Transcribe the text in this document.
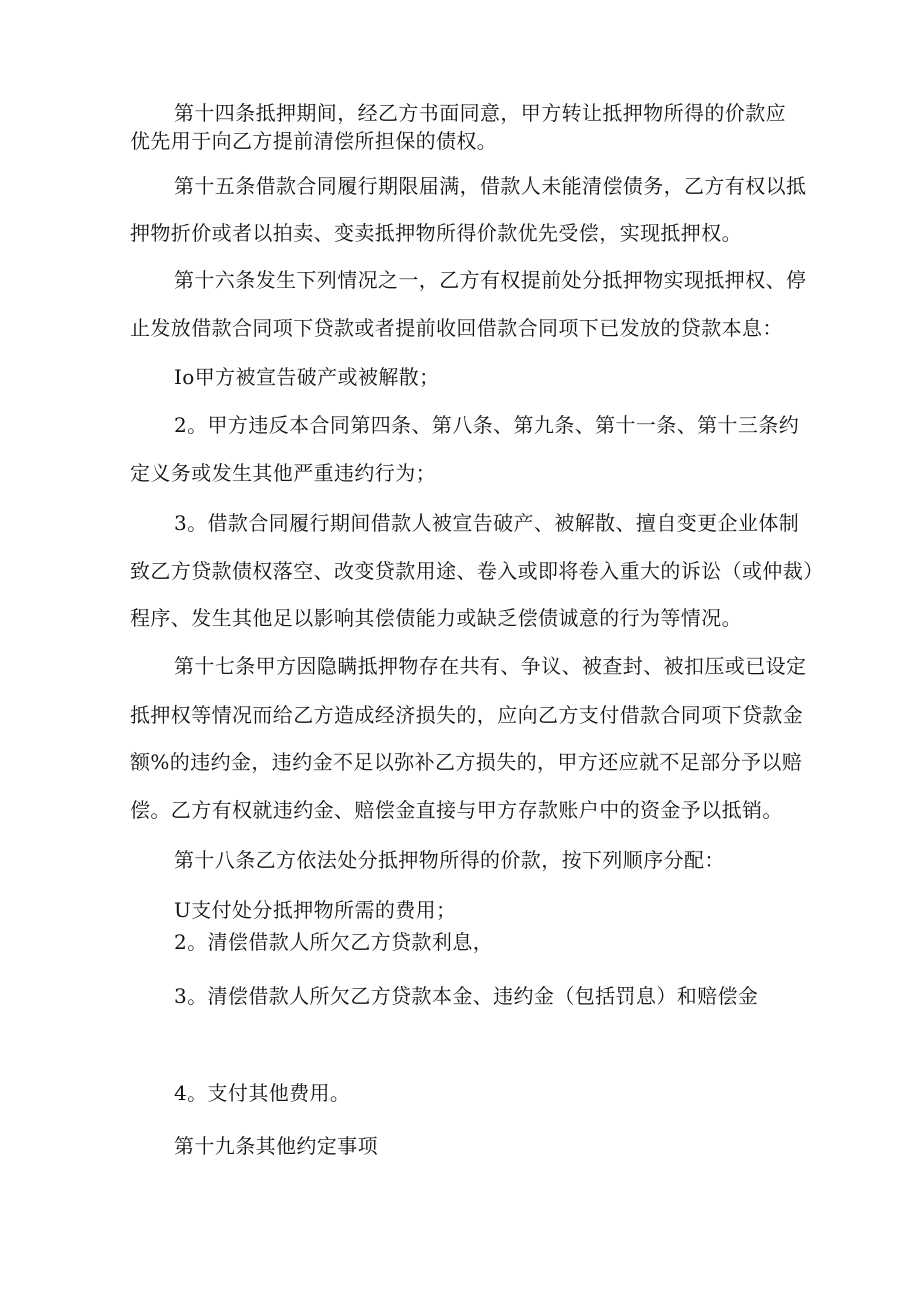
第十四条抵押期间，经乙方书面同意，甲方转让抵押物所得的价款应
优先用于向乙方提前清偿所担保的债权。
第十五条借款合同履行期限届满，借款人未能清偿债务，乙方有权以抵
押物折价或者以拍卖、变卖抵押物所得价款优先受偿，实现抵押权。
第十六条发生下列情况之一，乙方有权提前处分抵押物实现抵押权、停
止发放借款合同项下贷款或者提前收回借款合同项下已发放的贷款本息：
Io甲方被宣告破产或被解散；
2。甲方违反本合同第四条、第八条、第九条、第十一条、第十三条约
定义务或发生其他严重违约行为；
3。借款合同履行期间借款人被宣告破产、被解散、擅自变更企业体制
致乙方贷款债权落空、改变贷款用途、卷入或即将卷入重大的诉讼（或仲裁）
程序、发生其他足以影响其偿债能力或缺乏偿债诚意的行为等情况。
第十七条甲方因隐瞒抵押物存在共有、争议、被查封、被扣压或已设定
抵押权等情况而给乙方造成经济损失的，应向乙方支付借款合同项下贷款金
额%的违约金，违约金不足以弥补乙方损失的，甲方还应就不足部分予以赔
偿。乙方有权就违约金、赔偿金直接与甲方存款账户中的资金予以抵销。
第十八条乙方依法处分抵押物所得的价款，按下列顺序分配：
U支付处分抵押物所需的费用；
2。清偿借款人所欠乙方贷款利息，
3。清偿借款人所欠乙方贷款本金、违约金（包括罚息）和赔偿金
4。支付其他费用。
第十九条其他约定事项
